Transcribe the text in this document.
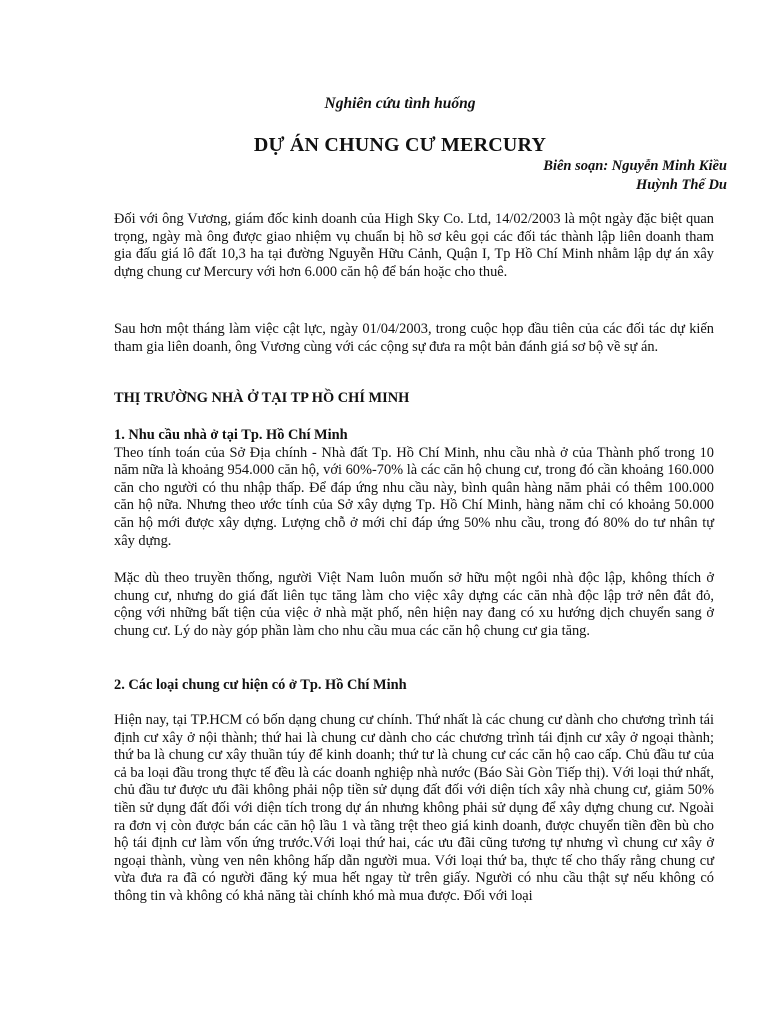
Nghiên cứu tình huống
DỰ ÁN CHUNG CƯ MERCURY
Biên soạn: Nguyễn Minh Kiều
Huỳnh Thế Du

Đối với ông Vương, giám đốc kinh doanh của High Sky Co. Ltd, 14/02/2003 là một ngày đặc biệt quan trọng, ngày mà ông được giao nhiệm vụ chuẩn bị hồ sơ kêu gọi các đối tác thành lập liên doanh tham gia đấu giá lô đất 10,3 ha tại đường Nguyễn Hữu Cảnh, Quận I, Tp Hồ Chí Minh nhằm lập dự án xây dựng chung cư Mercury với hơn 6.000 căn hộ để bán hoặc cho thuê.

Sau hơn một tháng làm việc cật lực, ngày 01/04/2003, trong cuộc họp đầu tiên của các đối tác dự kiến tham gia liên doanh, ông Vương cùng với các cộng sự đưa ra một bản đánh giá sơ bộ về sự án.

THỊ TRƯỜNG NHÀ Ở TẠI TP HỒ CHÍ MINH

1. Nhu cầu nhà ở tại Tp. Hồ Chí Minh

Theo tính toán của Sở Địa chính - Nhà đất Tp. Hồ Chí Minh, nhu cầu nhà ở của Thành phố trong 10 năm nữa là khoảng 954.000 căn hộ, với 60%-70% là các căn hộ chung cư, trong đó cần khoảng 160.000 căn cho người có thu nhập thấp. Để đáp ứng nhu cầu này, bình quân hàng năm phải có thêm 100.000 căn hộ nữa. Nhưng theo ước tính của Sở xây dựng Tp. Hồ Chí Minh, hàng năm chỉ có khoảng 50.000 căn hộ mới được xây dựng. Lượng chỗ ở mới chỉ đáp ứng 50% nhu cầu, trong đó 80% do tư nhân tự xây dựng.

Mặc dù theo truyền thống, người Việt Nam luôn muốn sở hữu một ngôi nhà độc lập, không thích ở chung cư, nhưng do giá đất liên tục tăng làm cho việc xây dựng các căn nhà độc lập trở nên đắt đỏ, cộng với những bất tiện của việc ở nhà mặt phố, nên hiện nay đang có xu hướng dịch chuyển sang ở chung cư. Lý do này góp phần làm cho nhu cầu mua các căn hộ chung cư gia tăng.

2. Các loại chung cư hiện có ở Tp. Hồ Chí Minh

Hiện nay, tại TP.HCM có bốn dạng chung cư chính. Thứ nhất là các chung cư dành cho chương trình tái định cư xây ở nội thành; thứ hai là chung cư dành cho các chương trình tái định cư xây ở ngoại thành; thứ ba là chung cư xây thuần túy để kinh doanh; thứ tư là chung cư các căn hộ cao cấp. Chủ đầu tư của cả ba loại đầu trong thực tế đều là các doanh nghiệp nhà nước (Báo Sài Gòn Tiếp thị). Với loại thứ nhất, chủ đầu tư được ưu đãi không phải nộp tiền sử dụng đất đối với diện tích xây nhà chung cư, giảm 50% tiền sử dụng đất đối với diện tích trong dự án nhưng không phải sử dụng để xây dựng chung cư. Ngoài ra đơn vị còn được bán các căn hộ lầu 1 và tầng trệt theo giá kinh doanh, được chuyển tiền đền bù cho hộ tái định cư làm vốn ứng trước.Với loại thứ hai, các ưu đãi cũng tương tự nhưng vì chung cư xây ở ngoại thành, vùng ven nên không hấp dẫn người mua. Với loại thứ ba, thực tế cho thấy rằng chung cư vừa đưa ra đã có người đăng ký mua hết ngay từ trên giấy. Người có nhu cầu thật sự nếu không có thông tin và không có khả năng tài chính khó mà mua được. Đối với loại
